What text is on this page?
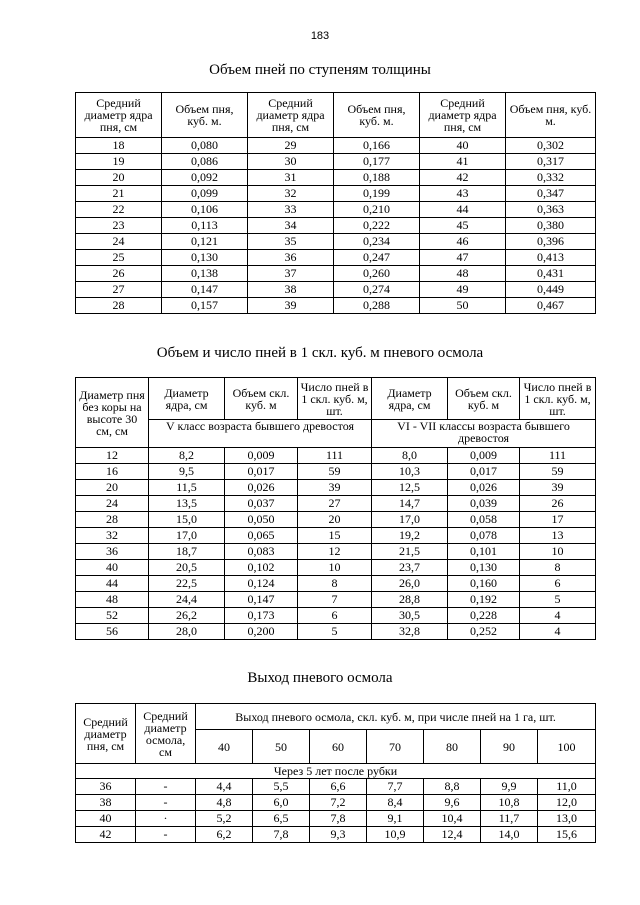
183
Объем пней по ступеням толщины
Средний диаметр ядра пня, см	Объем пня, куб. м.	Средний диаметр ядра пня, см	Объем пня, куб. м.	Средний диаметр ядра пня, см	Объем пня, куб. м.
18	0,080	29	0,166	40	0,302
19	0,086	30	0,177	41	0,317
20	0,092	31	0,188	42	0,332
21	0,099	32	0,199	43	0,347
22	0,106	33	0,210	44	0,363
23	0,113	34	0,222	45	0,380
24	0,121	35	0,234	46	0,396
25	0,130	36	0,247	47	0,413
26	0,138	37	0,260	48	0,431
27	0,147	38	0,274	49	0,449
28	0,157	39	0,288	50	0,467
Объем и число пней в 1 скл. куб. м пневого осмола
Диаметр пня без коры на высоте 30 см, см	Диаметр ядра, см	Объем скл. куб. м	Число пней в 1 скл. куб. м, шт.	Диаметр ядра, см	Объем скл. куб. м	Число пней в 1 скл. куб. м, шт.
	V класс возраста бывшего древостоя			VI - VII классы возраста бывшего древостоя		
12	8,2	0,009	111	8,0	0,009	111
16	9,5	0,017	59	10,3	0,017	59
20	11,5	0,026	39	12,5	0,026	39
24	13,5	0,037	27	14,7	0,039	26
28	15,0	0,050	20	17,0	0,058	17
32	17,0	0,065	15	19,2	0,078	13
36	18,7	0,083	12	21,5	0,101	10
40	20,5	0,102	10	23,7	0,130	8
44	22,5	0,124	8	26,0	0,160	6
48	24,4	0,147	7	28,8	0,192	5
52	26,2	0,173	6	30,5	0,228	4
56	28,0	0,200	5	32,8	0,252	4
Выход пневого осмола
Средний диаметр пня, см	Средний диаметр осмола, см	Выход пневого осмола, скл. куб. м, при числе пней на 1 га, шт.						
		40	50	60	70	80	90	100
Через 5 лет после рубки								
36	-	4,4	5,5	6,6	7,7	8,8	9,9	11,0
38	-	4,8	6,0	7,2	8,4	9,6	10,8	12,0
40	·	5,2	6,5	7,8	9,1	10,4	11,7	13,0
42	-	6,2	7,8	9,3	10,9	12,4	14,0	15,6
